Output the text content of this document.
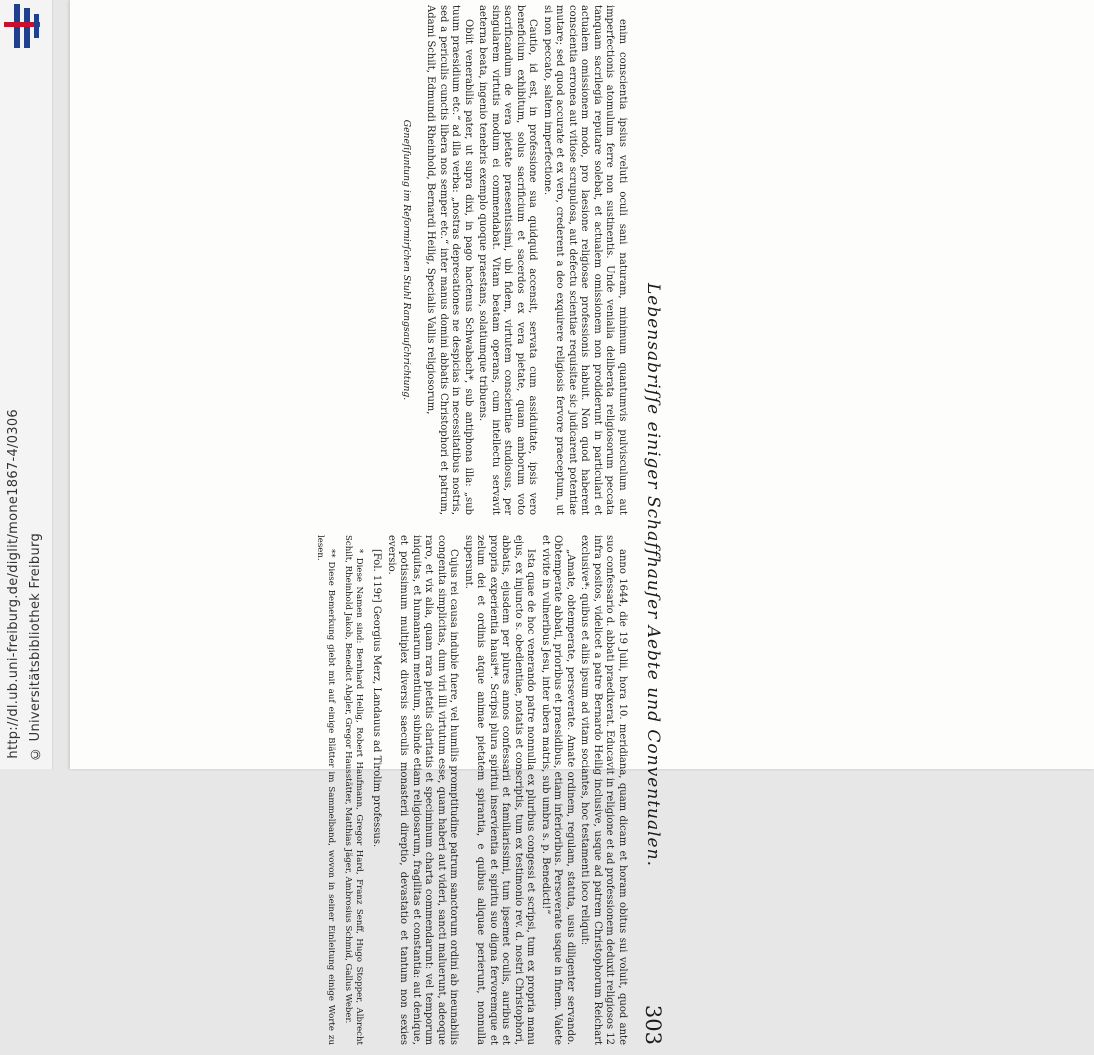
http://dl.ub.uni-freiburg.de/diglit/mone1867-4/0306 © Universitätsbibliothek Freiburg	Lebensabriſſe einiger Schaffhauſer Aebte und Conventualen.
303

enim conscientia ipsius veluti oculi sani naturam, minimum quantumvis pulvisculum aut imperfectionis atomulum ferre non sustinentis. Unde venialia deliberata religiosorum peccata tanquam sacrilegia reputare solebat, et actualem omissionem non prodiderunt in particulari et actualem omissionem modo, pro laesione religiosae professionis habuit. Non quod haberent conscientia erronea aut vitiose scrupulosa, aut defectu scientiae requisitae sic judicarent potentiae mutare; sed quod accurate et ex vero, crederent a deo exquirere religiosis fervore praeceptum, ut si non peccato, saltem imperfectione.

Cautio, id est, in professione sua quidquid accensit, servata cum assiduitate, ipsis vero beneficium exhibitum, solus sacrificium et sacerdos ex vera pietate, quam amborum voto sacrificandum de vera pietate praesentissimi, ubi fidem, virtutem conscientiae studiosus, per singularem virtutis modum ei commendabat. Vitam beatam operans, cum intellectu servavit aeterna beata, ingenio tenebris exemplo quoque praestans, solatiumque tribuens.

Obiit venerabilis pater, ut supra dixi, in pago hactenus Schwabach*, sub antiphona illa: „sub tuum praesidium etc.“ ad illa verba: „nostras deprecationes ne despicias in necessitatibus nostris, sed a periculis cunctis libera nos semper etc.“ inter manus domini abbatis Christophori et patrum, Adami Schilt, Edmundi Rheinhold, Bernardi Heilig, Specialis Vallis religiosorum,

Geneſiſuntung im Reformirſchen Stuhl Rangsauſchrichtung.

anno 1644, die 19 Julii, hora 10. meridiana, quam dicam et horam obitus sui voluit, quod ante suo confessario d. abbati praedixerat. Educavit in religione et ad professionem deduxit religiosos 12 infra positos, videlicet a patre Bernardo Heilig inclusive, usque ad patrem Christophorum Reichart exclusive*: quibus et aliis ipsum ad vitam sociantes, hoc testamenti loco reliquit:

„Amate, obtemperate, perseverate. Amate ordinem, regulam, statuta, usus diligenter servando. Obtemperate abbati, prioribus et praesidibus, etiam inferioribus. Perseverate usque in finem. Valete et vivite in vulneribus Jesu, inter ubera matris, sub umbra s. p. Benedicti!“

Ista quae de hoc venerando patre nonnulla ex pluribus congessi et scripsi, tum ex propria manu ejus, ex injuncto s. obedientiae, notatis et conscriptis, tum ex testimonio rev. d. nostri Christophori, abbatis, ejusdem per plures annos confessarii et familiarissimi, tum ipsemet oculis, auribus et propria experientia hausi**. Scripsi plura spiritui inservientia et spiritu suo digna fervoremque et zelum dei et ordinis atque animae pietatem spirantia, e quibus aliquae perierunt, nonnulla supersunt.

Cujus rei causa indubie fuere, vel humilis promptitudine patrum sanctorum ordini ab ineunabilis congenita simplicitas, dum viri illi virtutum esse, quam haberi aut videri, sancti maluerunt, adeoque raro, et vix alia, quam rara pietatis claritatis et speciminum charta commendarunt: vel temporum iniquitas, et humanarum mentium, subinde etiam religiosarum, fragilitas et constantia: aut denique, et potissimum multiplex diversis saeculis monasterii direptio, devastatio et tantum non sexies eversio.

[Fol. 119r] Georgius Merz, Landauus ad Tirolim professus.

* Diese Namen sind: Bernhard Heilig, Robert Haufmann, Gregor Hard, Franz Senff, Hugo Stopper, Albrecht Schilt, Rheinhold Jakob, Benedict Abgler, Gregor Hausstätter, Matthias Jäger, Ambrosius Schmid, Gallus Weber.

** Diese Bemerkung giebt mit auf einige Blätter im Sammelband, wovon in seiner Einleitung einige Worte zu lesen.
